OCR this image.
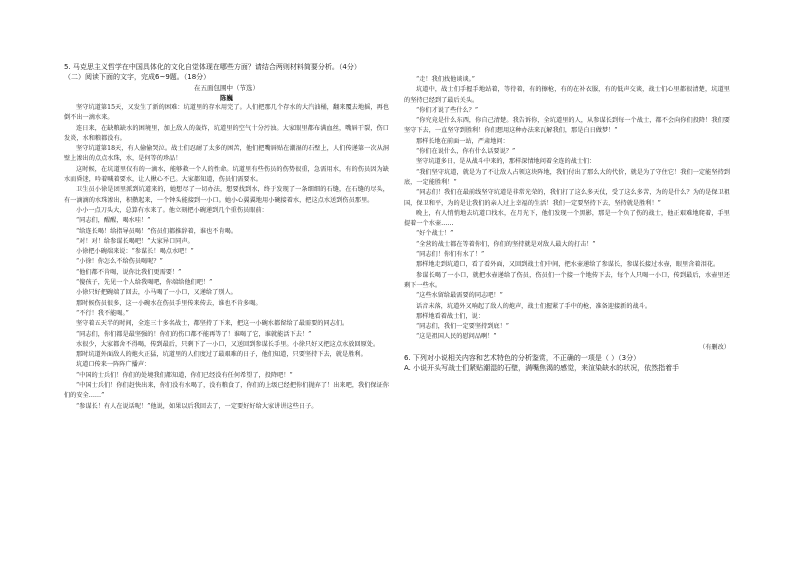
5. 马克思主义哲学在中国具体化的文化自觉体现在哪些方面？请结合两则材料简要分析。（4分）

（二）阅读下面的文字，完成6~9题。（18分）

在五面包围中（节选）

陈巍

坚守坑道第15天，又发生了新的困难：坑道里的存水用完了。人们把那几个存水的大汽油桶，翻来覆去地摇，再也倒不出一滴水来。

连日来，在缺粮缺水的困境里，加上敌人的轰炸，坑道里的空气十分污浊。大家眼里都布满血丝，嘴唇干裂，伤口发炎，水和粮都没有。

坚守坑道第18天，有人偷偷哭泣。战士们忍耐了太多的困苦，他们把嘴唇贴在潮湿的石壁上，人们传递第一次从洞壁上渗出的点点水珠，水，是何等的珍品！

这时候，在坑道里仅有的一滴水，能够救一个人的性命。坑道里有些伤员的伤势很重，急需用水，有的伤员因为缺水而昏迷，吟着喊着要水，让人揪心不已。大家都知道，伤员们需要水。

卫生员小徐是团里派到坑道来的，她想尽了一切办法，想要找到水，终于发现了一条细细的石缝，在石缝的尽头，有一滴滴的水珠渗出，积攒起来，一个钟头能接到一小口。她小心翼翼地用小碗接着水，把这点水送到伤员那里。

小小一点刀头大，总算有水来了。他立刻把小碗递到几个重伤员眼前：

“同志们，醒醒，喝水哇！”

“给连长喝！给指导员喝！”伤员们都推辞着，谁也不肯喝。

“对！对！给参谋长喝吧！”大家异口同声。

小徐把小碗端来说：“参谋长！喝点水吧！”

“小徐！你怎么不给伤员喝呢？”

“他们都不肯喝，说你比我们更需要！”

“傻孩子，先见一个人给我喝吧，你端给他们吧！”

小徐只好把碗端了回去，小马喝了一小口，又递给了别人。

那时候伤员很多，这一小碗水在伤员手里传来传去，谁也不肯多喝。

“不行！我不能喝。”

坚守着五天半的时间，全连三十多名战士，都坚持了下来，把这一小碗水都留给了最需要的同志们。

“同志们，你们都是最坚强的！你们的伤口都不能再等了！谁喝了它，谁就能活下去！”

水很少，大家都舍不得喝，传到最后，只剩下了一小口，又送回到参谋长手里。小徐只好又把这点水放回原处。

那时坑道外面敌人的炮火正猛，坑道里的人们度过了最艰难的日子，他们知道，只要坚持下去，就是胜利。

坑道口传来一阵阵广播声：

“中国的士兵们！你们的处境我们都知道，你们已经没有任何希望了，投降吧！”

“中国士兵们！你们赶快出来，你们没有水喝了，没有粮食了，你们的上级已经把你们抛弃了！出来吧，我们保证你们的安全……”

“参谋长！有人在说话呢！”他说，如果以后我回去了，一定要好好给大家讲讲这些日子。

“走！我们找他谈谈。”

坑道中，战士们手握手地站着，等待着，有的擦枪，有的在补衣服，有的低声交谈，战士们心里都很清楚，坑道里的坚持已经到了最后关头。

“你们才说了些什么？”

“你究竟是什么东西，你自己清楚。我告诉你，全坑道里的人，从参谋长到每一个战士，都不会向你们投降！我们要坚守下去，一直坚守到胜利！你们想用这种办法来瓦解我们，那是白日做梦！”

那样长地在前面一站，严肃地问：

“你们在说什么，你有什么话要说？”

坚守坑道多日，是从战斗中来的，那样深情地问着全连的战士们：

“我们坚守坑道，就是为了不让敌人占领这块阵地，我们付出了那么大的代价，就是为了守住它！我们一定能坚持到底，一定能胜利！”

“同志们！我们在最前线坚守坑道是非常光荣的，我们打了这么多天仗，受了这么多苦，为的是什么？为的是保卫祖国，保卫和平，为的是让我们的亲人过上幸福的生活！我们一定要坚持下去，坚持就是胜利！”

晚上，有人悄悄地去坑道口找水，在月光下，他们发现一个黑影，那是一个负了伤的战士，他正艰难地爬着，手里提着一个水壶……

“好个战士！”

“全营的战士都在等着你们，你们的坚持就是对敌人最大的打击！”

“同志们！你们有水了！”

那样地走到坑道口，看了看外面，又回到战士们中间，把水壶递给了参谋长，参谋长接过水壶，眼里含着泪花。

参谋长喝了一小口，就把水壶递给了伤员，伤员们一个接一个地传下去，每个人只喝一小口，传到最后，水壶里还剩下一些水。

“这些水留给最需要的同志吧！”

话音未落，坑道外又响起了敌人的炮声，战士们握紧了手中的枪，准备迎接新的战斗。

那样地看着战士们，说：

“同志们，我们一定要坚持到底！”

“这是祖国人民的慰问品啊！”

（有删改）

6. 下列对小说相关内容和艺术特色的分析鉴赏，不正确的一项是（ ）（3分）

A. 小说开头写战士们紧贴潮湿的石壁，满嘴焦渴的感觉，来渲染缺水的状况，依然指着手
